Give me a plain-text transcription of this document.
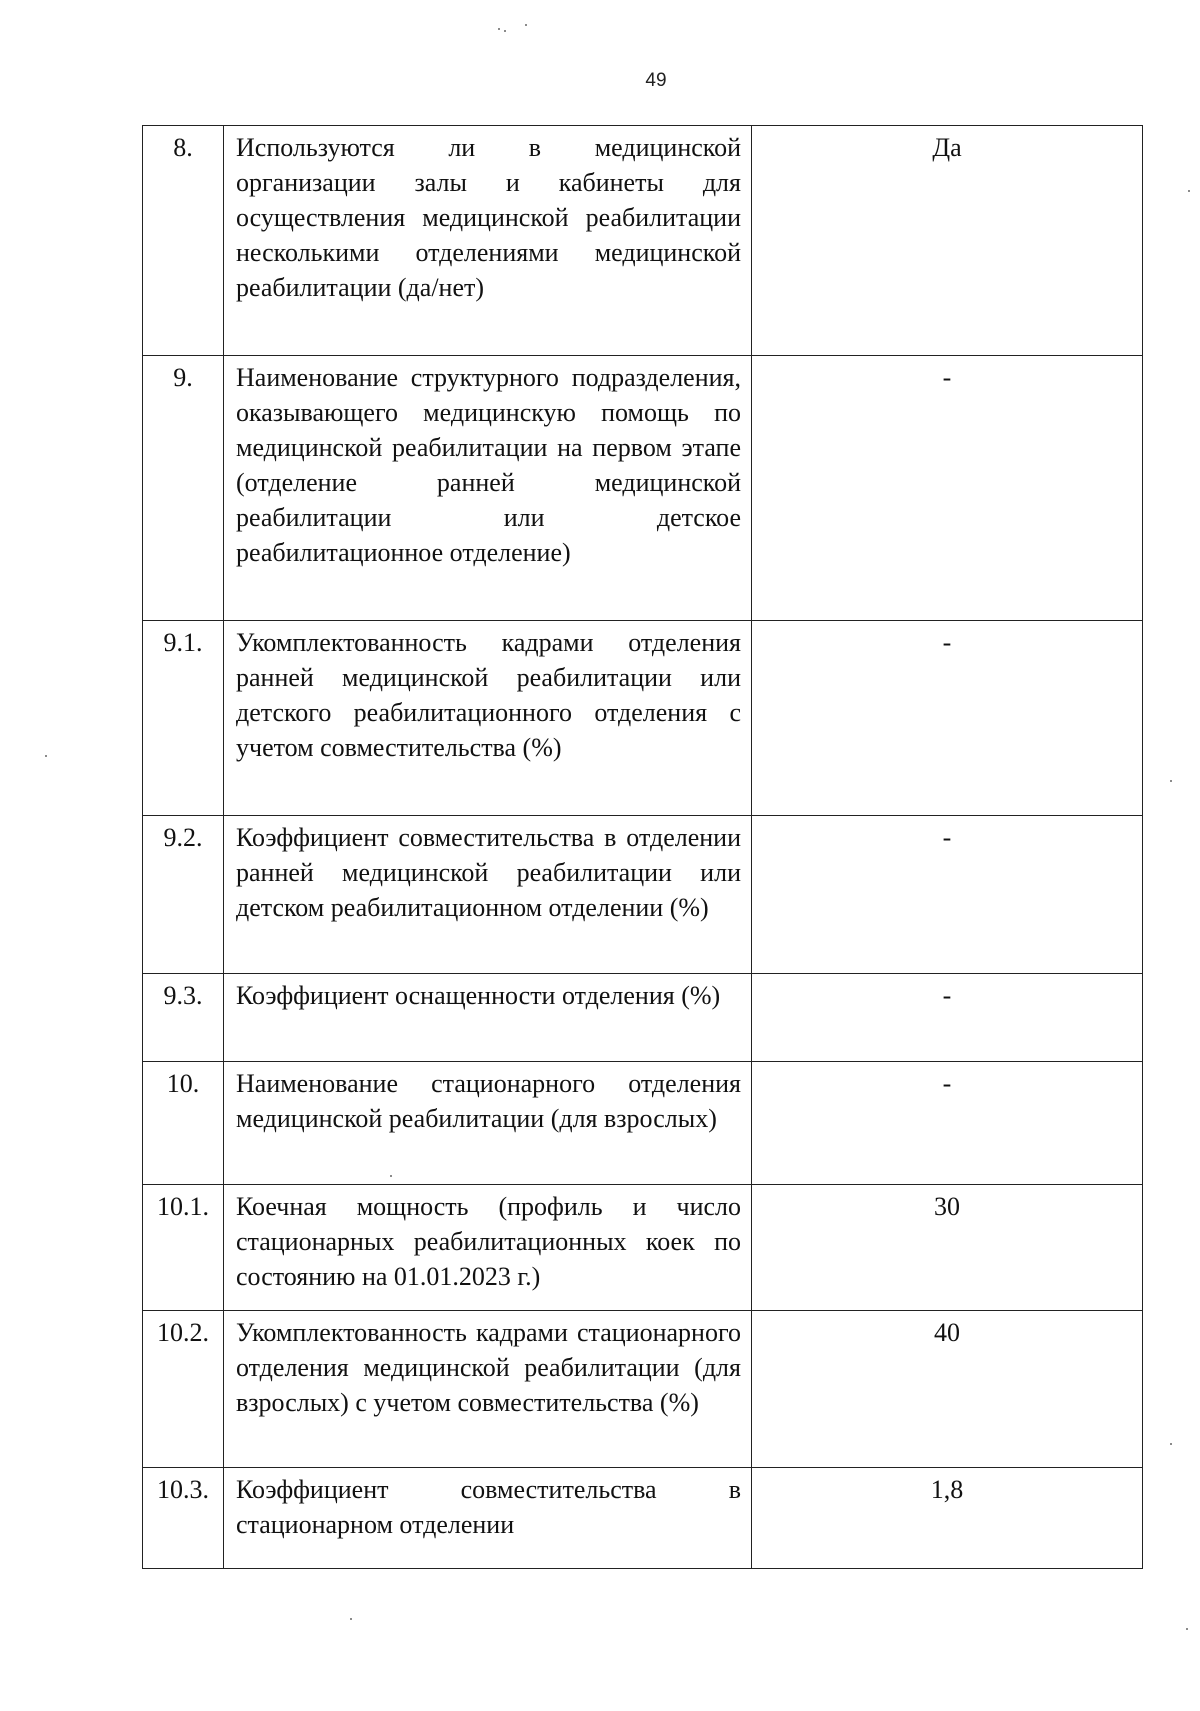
49
8.	Используются ли в медицинской организации залы и кабинеты для осуществления медицинской реабилитации несколькими отделениями медицинской реабилитации (да/нет)	Да
9.	Наименование структурного подразделения, оказывающего медицинскую помощь по медицинской реабилитации на первом этапе (отделение ранней медицинской реабилитации или детское реабилитационное отделение)	-
9.1.	Укомплектованность кадрами отделения ранней медицинской реабилитации или детского реабилитационного отделения с учетом совместительства (%)	-
9.2.	Коэффициент совместительства в отделении ранней медицинской реабилитации или детском реабилитационном отделении (%)	-
9.3.	Коэффициент оснащенности отделения (%)	-
10.	Наименование стационарного отделения медицинской реабилитации (для взрослых)	-
10.1.	Коечная мощность (профиль и число стационарных реабилитационных коек по состоянию на 01.01.2023 г.)	30
10.2.	Укомплектованность кадрами стационарного отделения медицинской реабилитации (для взрослых) с учетом совместительства (%)	40
10.3.	Коэффициент совместительства в стационарном отделении	1,8
